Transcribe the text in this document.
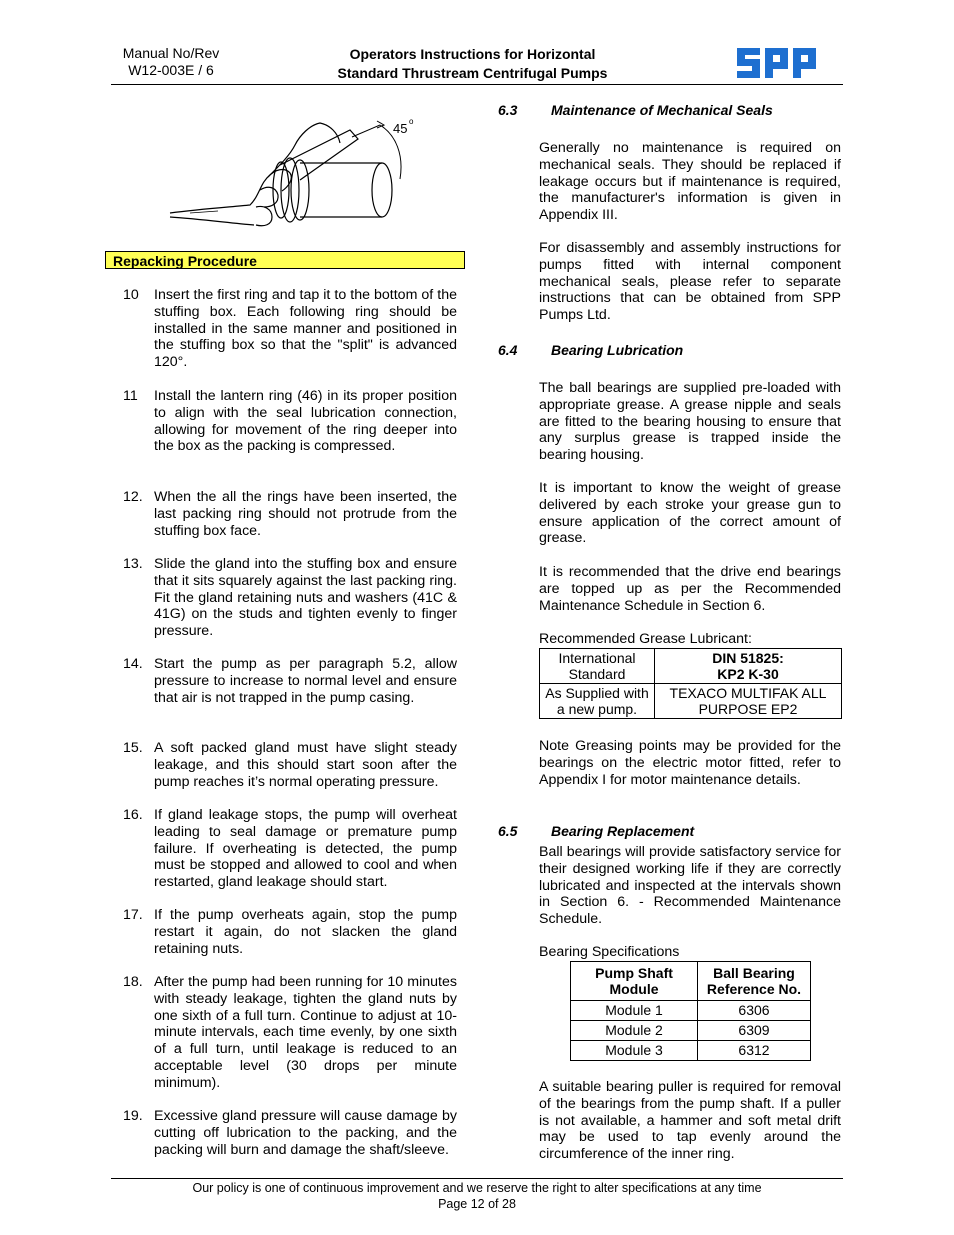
Manual No/Rev
W12-003E / 6
Operators Instructions for Horizontal
Standard Thrustream Centrifugal Pumps
45 o
Repacking Procedure
10 Insert the first ring and tap it to the bottom of the stuffing box. Each following ring should be installed in the same manner and positioned in the stuffing box so that the "split" is advanced 120°.
11 Install the lantern ring (46) in its proper position to align with the seal lubrication connection, allowing for movement of the ring deeper into the box as the packing is compressed.
12. When the all the rings have been inserted, the last packing ring should not protrude from the stuffing box face.
13. Slide the gland into the stuffing box and ensure that it sits squarely against the last packing ring. Fit the gland retaining nuts and washers (41C & 41G) on the studs and tighten evenly to finger pressure.
14. Start the pump as per paragraph 5.2, allow pressure to increase to normal level and ensure that air is not trapped in the pump casing.
15. A soft packed gland must have slight steady leakage, and this should start soon after the pump reaches it’s normal operating pressure.
16. If gland leakage stops, the pump will overheat leading to seal damage or premature pump failure. If overheating is detected, the pump must be stopped and allowed to cool and when restarted, gland leakage should start.
17. If the pump overheats again, stop the pump restart it again, do not slacken the gland retaining nuts.
18. After the pump had been running for 10 minutes with steady leakage, tighten the gland nuts by one sixth of a full turn. Continue to adjust at 10-minute intervals, each time evenly, by one sixth of a full turn, until leakage is reduced to an acceptable level (30 drops per minute minimum).
19. Excessive gland pressure will cause damage by cutting off lubrication to the packing, and the packing will burn and damage the shaft/sleeve.
6.3 Maintenance of Mechanical Seals
Generally no maintenance is required on mechanical seals. They should be replaced if leakage occurs but if maintenance is required, the manufacturer's information is given in Appendix III.
For disassembly and assembly instructions for pumps fitted with internal component mechanical seals, please refer to separate instructions that can be obtained from SPP Pumps Ltd.
6.4 Bearing Lubrication
The ball bearings are supplied pre-loaded with appropriate grease. A grease nipple and seals are fitted to the bearing housing to ensure that any surplus grease is trapped inside the bearing housing.
It is important to know the weight of grease delivered by each stroke your grease gun to ensure application of the correct amount of grease.
It is recommended that the drive end bearings are topped up as per the Recommended Maintenance Schedule in Section 6.
Recommended Grease Lubricant:
International Standard	DIN 51825:
KP2 K-30

As Supplied with a new pump.	TEXACO MULTIFAK ALL PURPOSE EP2
Note Greasing points may be provided for the bearings on the electric motor fitted, refer to Appendix I for motor maintenance details.
6.5 Bearing Replacement
Ball bearings will provide satisfactory service for their designed working life if they are correctly lubricated and inspected at the intervals shown in Section 6. - Recommended Maintenance Schedule.
Bearing Specifications
Pump Shaft Module	Ball Bearing Reference No.
Module 1	6306
Module 2	6309
Module 3	6312
A suitable bearing puller is required for removal of the bearings from the pump shaft. If a puller is not available, a hammer and soft metal drift may be used to tap evenly around the circumference of the inner ring.
Our policy is one of continuous improvement and we reserve the right to alter specifications at any time
Page 12 of 28
